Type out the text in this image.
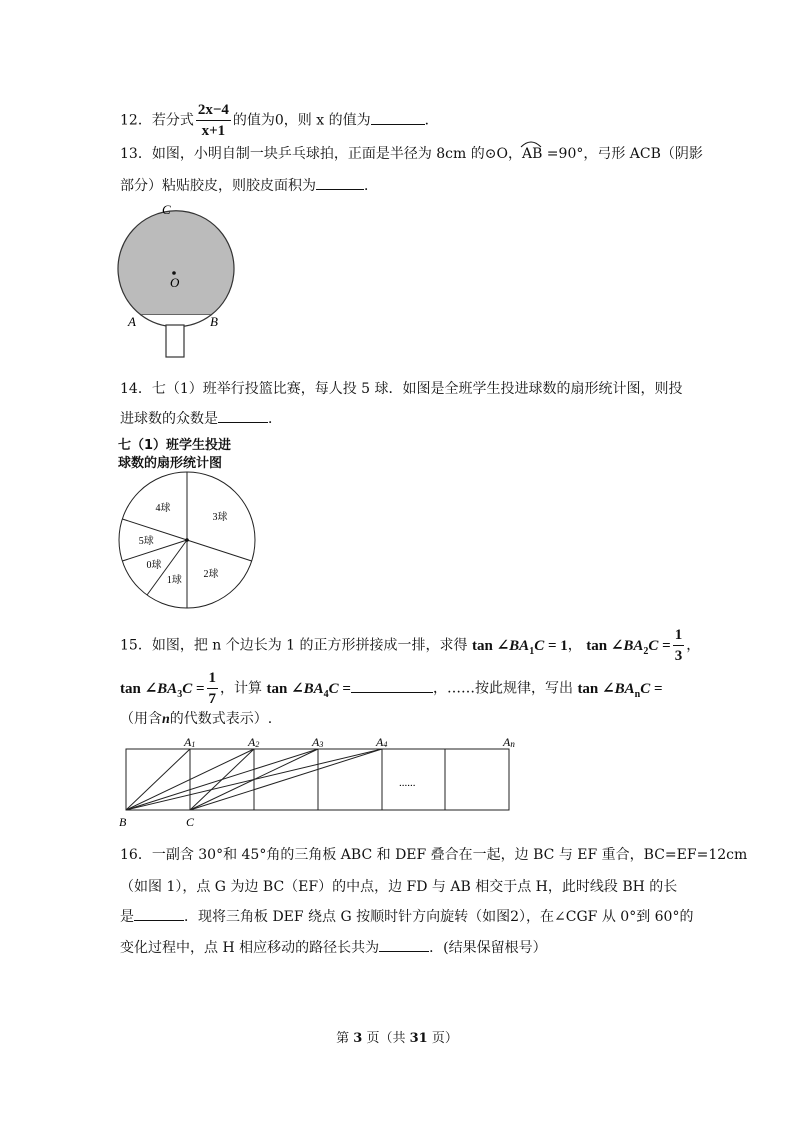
12．若分式 $\frac{2x-4}{x+1}$ 的值为0，则 x 的值为	．
13．如图，小明自制一块乒乓球拍，正面是半径为 8cm 的⊙O，
AB =90°，弓形 ACB（阴影
部分）粘贴胶皮，则胶皮面积为	．
C
O
A	B
14．七（1）班举行投篮比赛，每人投 5 球．如图是全班学生投进球数的扇形统计图，则投
进球数的众数是	．
七（1）班学生投进
球数的扇形统计图
3球
2球
1球
0球
5球
4球
15．如图，把 n 个边长为 1 的正方形拼接成一排，求得 $\tan \angle BA_1C = 1$， $\tan \angle BA_2C = \frac{1}{3}$ ，
$\tan \angle BA_3C = \frac{1}{7}$ ，计算 $\tan \angle BA_4C$ =	，……按此规律，写出 $\tan \angle BA_nC$ =
（用含n的代数式表示）.
......
A1	A2	A3	A4	An
B	C
16．一副含 30°和 45°角的三角板 ABC 和 DEF 叠合在一起，边 BC 与 EF 重合，BC=EF=12cm
（如图 1），点 G 为边 BC（EF）的中点，边 FD 与 AB 相交于点 H，此时线段 BH 的长
是	．现将三角板 DEF 绕点 G 按顺时针方向旋转（如图2），在∠CGF 从 0°到 60°的
变化过程中，点 H 相应移动的路径长共为	．(结果保留根号）
第 3 页（共 31 页）
